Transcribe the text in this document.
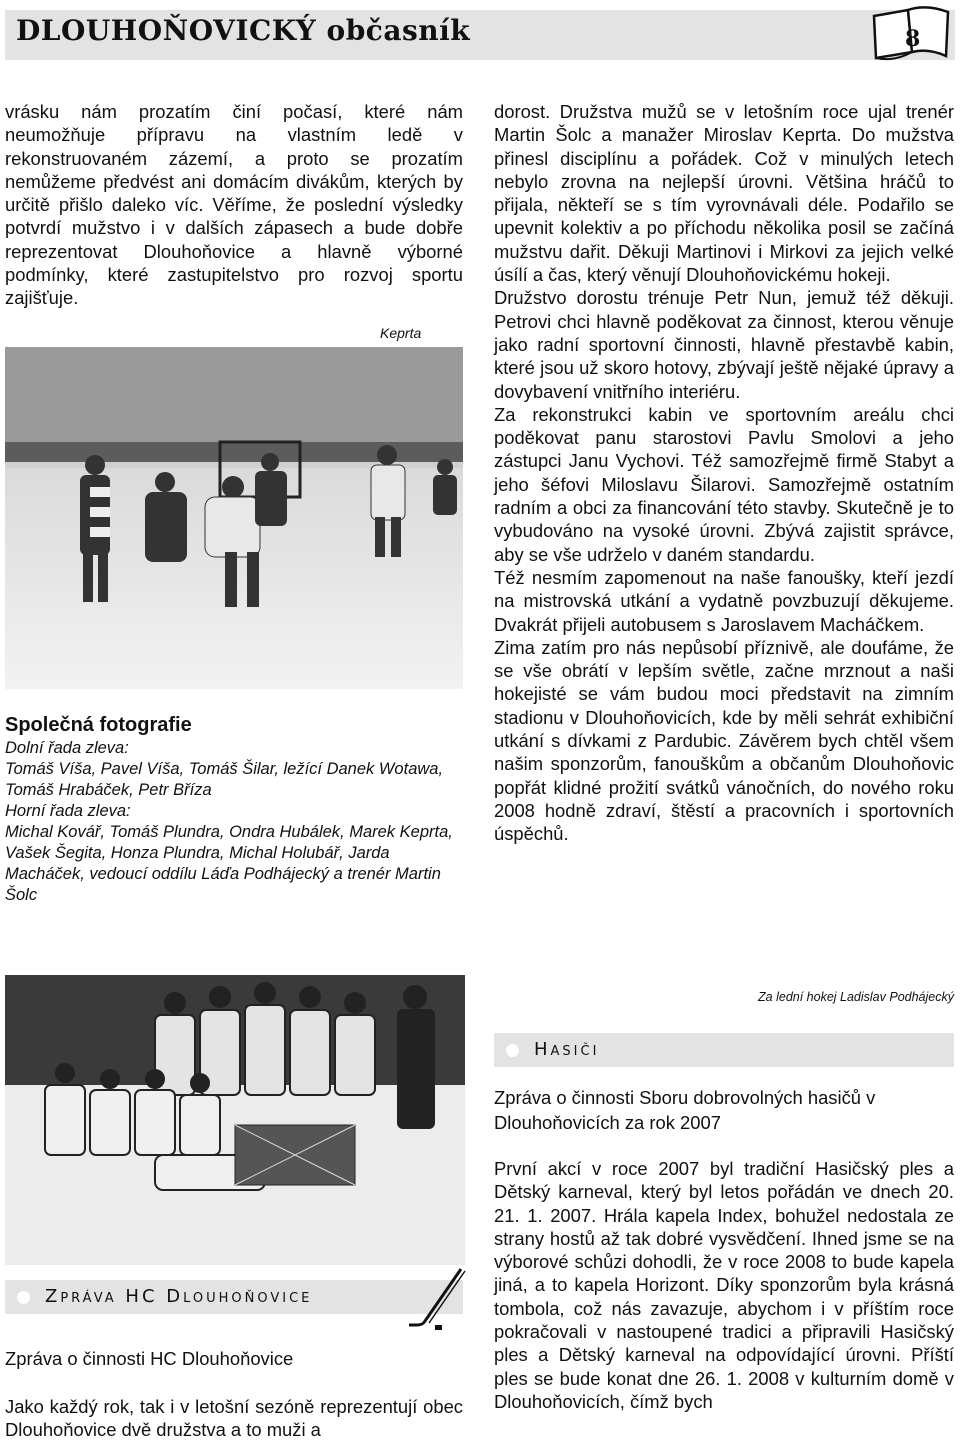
DLOUHOŇOVICKÝ občasník	8

vrásku nám prozatím činí počasí, které nám neumožňuje přípravu na vlastním ledě v rekonstruovaném zázemí, a proto se prozatím nemůžeme předvést ani domácím divákům, kterých by určitě přišlo daleko víc. Věříme, že poslední výsledky potvrdí mužstvo i v dalších zápasech a bude dobře reprezentovat Dlouhoňovice a hlavně výborné podmínky, které zastupitelstvo pro rozvoj sportu zajišťuje.

Keprta
Společná fotografie
Dolní řada zleva:
Tomáš Víša, Pavel Víša, Tomáš Šilar, ležící Danek Wotawa, Tomáš Hrabáček, Petr Bříza
Horní řada zleva:
Michal Kovář, Tomáš Plundra, Ondra Hubálek, Marek Keprta, Vašek Šegita, Honza Plundra, Michal Holubář, Jarda Macháček, vedoucí oddílu Láďa Podhájecký a trenér Martin Šolc

dorost. Družstva mužů se v letošním roce ujal trenér Martin Šolc a manažer Miroslav Keprta. Do mužstva přinesl disciplínu a pořádek. Což v minulých letech nebylo zrovna na nejlepší úrovni. Většina hráčů to přijala, někteří se s tím vyrovnávali déle. Podařilo se upevnit kolektiv a po příchodu několika posil se začíná mužstvu dařit. Děkuji Martinovi i Mirkovi za jejich velké úsílí a čas, který věnují Dlouhoňovickému hokeji.

Družstvo dorostu trénuje Petr Nun, jemuž též děkuji. Petrovi chci hlavně poděkovat za činnost, kterou věnuje jako radní sportovní činnosti, hlavně přestavbě kabin, které jsou už skoro hotovy, zbývají ještě nějaké úpravy a dovybavení vnitřního interiéru.

Za rekonstrukci kabin ve sportovním areálu chci poděkovat panu starostovi Pavlu Smolovi a jeho zástupci Janu Vychovi. Též samozřejmě firmě Stabyt a jeho šéfovi Miloslavu Šilarovi. Samozřejmě ostatním radním a obci za financování této stavby. Skutečně je to vybudováno na vysoké úrovni. Zbývá zajistit správce, aby se vše udrželo v daném standardu.

Též nesmím zapomenout na naše fanoušky, kteří jezdí na mistrovská utkání a vydatně povzbuzují děkujeme. Dvakrát přijeli autobusem s Jaroslavem Macháčkem.

Zima zatím pro nás nepůsobí příznivě, ale doufáme, že se vše obrátí v lepším světle, začne mrznout a naši hokejisté se vám budou moci představit na zimním stadionu v Dlouhoňovicích, kde by měli sehrát exhibiční utkání s dívkami z Pardubic. Závěrem bych chtěl všem našim sponzorům, fanouškům a občanům Dlouhoňovic popřát klidné prožití svátků vánočních, do nového roku 2008 hodně zdraví, štěstí a pracovních i sportovních úspěchů.

Za lední hokej Ladislav Podhájecký
Hasiči
Zpráva o činnosti Sboru dobrovolných hasičů v Dlouhoňovicích za rok 2007

První akcí v roce 2007 byl tradiční Hasičský ples a Dětský karneval, který byl letos pořádán ve dnech 20. 21. 1. 2007. Hrála kapela Index, bohužel nedostala ze strany hostů až tak dobré vysvědčení. Ihned jsme se na výborové schůzi dohodli, že v roce 2008 to bude kapela jiná, a to kapela Horizont. Díky sponzorům byla krásná tombola, což nás zavazuje, abychom i v příštím roce pokračovali v nastoupené tradici a připravili Hasičský ples a Dětský karneval na odpovídající úrovni. Příští ples se bude konat dne 26. 1. 2008 v kulturním domě v Dlouhoňovicích, čímž bych

Zpráva HC Dlouhoňovice
Zpráva o činnosti HC Dlouhoňovice

Jako každý rok, tak i v letošní sezóně reprezentují obec Dlouhoňovice dvě družstva a to muži a
